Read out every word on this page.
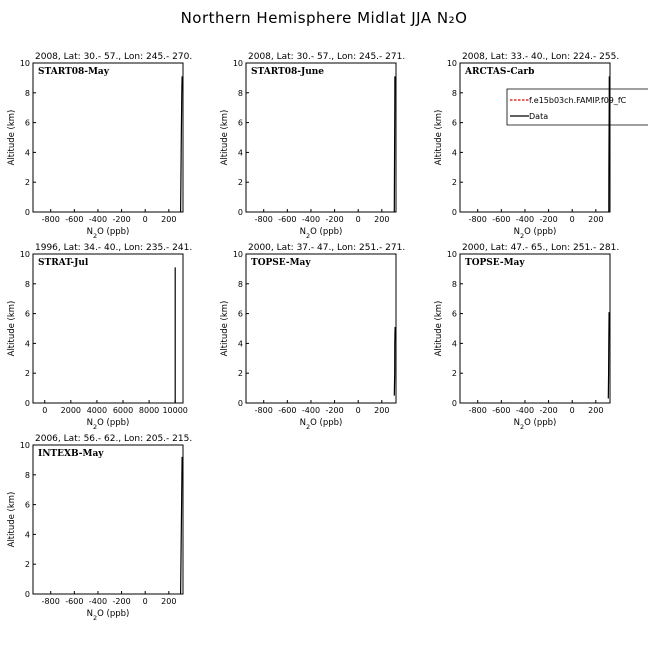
Northern Hemisphere Midlat JJA N₂O
2008, Lat: 30.- 57., Lon: 245.- 270.
-800 -600 -400 -200 0 200
0
2
4
6
8
10
$N_2O$ (ppb)
Altitude (km)
START08-May
2008, Lat: 30.- 57., Lon: 245.- 271.
-800 -600 -400 -200 0 200
0
2
4
6
8
10
$N_2O$ (ppb)
Altitude (km)
START08-June
2008, Lat: 33.- 40., Lon: 224.- 255.
-800 -600 -400 -200 0 200
0
2
4
6
8
10
$N_2O$ (ppb)
Altitude (km)
ARCTAS-Carb
f.e15b03ch.FAMIP.f09_fC
Data
1996, Lat: 34.- 40., Lon: 235.- 241.
0 2000 4000 6000 8000 10000
0
2
4
6
8
10
$N_2O$ (ppb)
Altitude (km)
STRAT-Jul
2000, Lat: 37.- 47., Lon: 251.- 271.
-800 -600 -400 -200 0 200
0
2
4
6
8
10
$N_2O$ (ppb)
Altitude (km)
TOPSE-May
2000, Lat: 47.- 65., Lon: 251.- 281.
-800 -600 -400 -200 0 200
0
2
4
6
8
10
$N_2O$ (ppb)
Altitude (km)
TOPSE-May
2006, Lat: 56.- 62., Lon: 205.- 215.
-800 -600 -400 -200 0 200
0
2
4
6
8
10
$N_2O$ (ppb)
Altitude (km)
INTEXB-May
